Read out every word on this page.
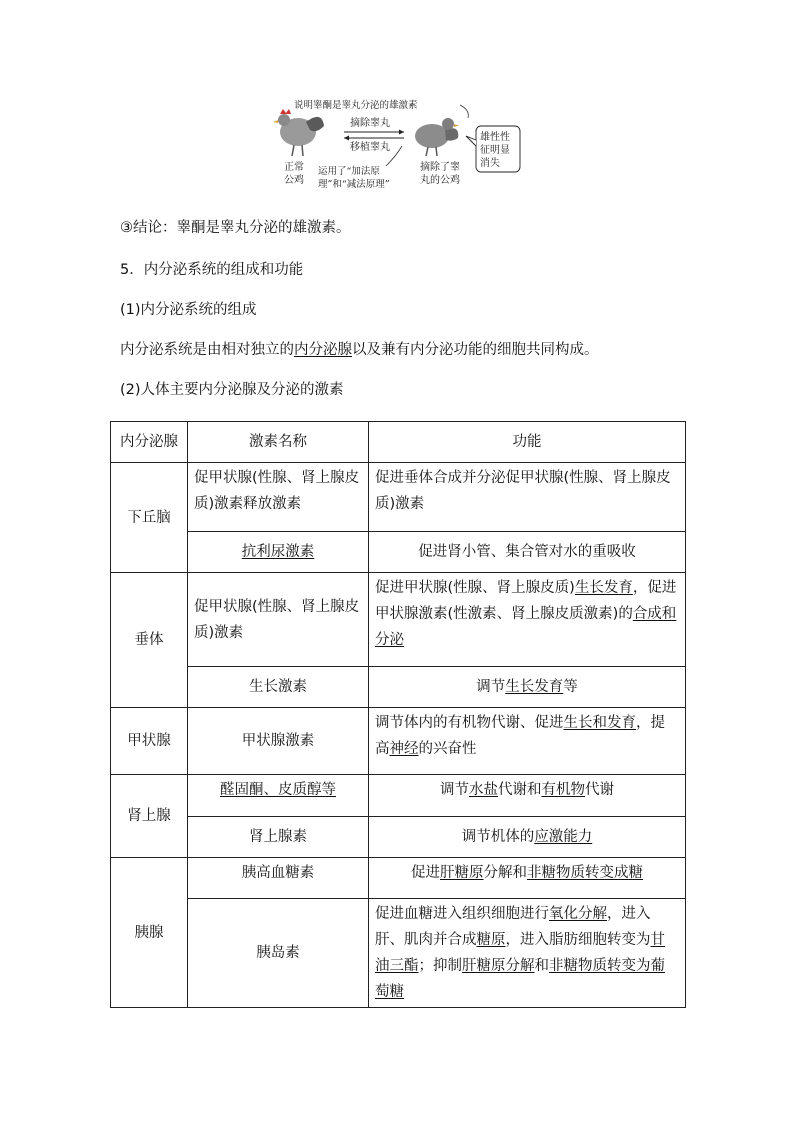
说明睾酮是睾丸分泌的雄激素
正常
公鸡
摘除睾丸
移植睾丸
运用了“加法原
理”和“减法原理”
摘除了睾
丸的公鸡
雄性性
征明显
消失
③结论：睾酮是睾丸分泌的雄激素。
5．内分泌系统的组成和功能
(1)内分泌系统的组成
内分泌系统是由相对独立的内分泌腺以及兼有内分泌功能的细胞共同构成。
(2)人体主要内分泌腺及分泌的激素
内分泌腺	激素名称	功能
下丘脑	促甲状腺(性腺、肾上腺皮质)激素释放激素	促进垂体合成并分泌促甲状腺(性腺、肾上腺皮质)激素
	抗利尿激素	促进肾小管、集合管对水的重吸收
垂体	促甲状腺(性腺、肾上腺皮质)激素	促进甲状腺(性腺、肾上腺皮质)生长发育，促进甲状腺激素(性激素、肾上腺皮质激素)的合成和分泌
	生长激素	调节生长发育等
甲状腺	甲状腺激素	调节体内的有机物代谢、促进生长和发育，提高神经的兴奋性
肾上腺	醛固酮、皮质醇等	调节水盐代谢和有机物代谢
	肾上腺素	调节机体的应激能力
胰腺	胰高血糖素	促进肝糖原分解和非糖物质转变成糖
	胰岛素	促进血糖进入组织细胞进行氧化分解，进入肝、肌肉并合成糖原，进入脂肪细胞转变为甘油三酯；抑制肝糖原分解和非糖物质转变为葡萄糖
